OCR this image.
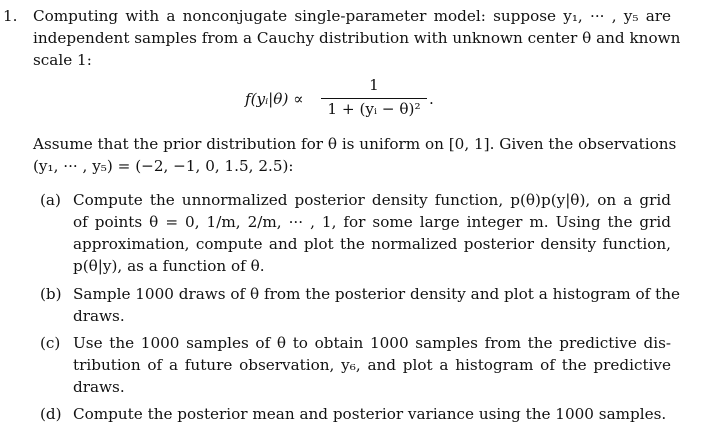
1. Computing with a nonconjugate single-parameter model: suppose y₁, ··· , y₅ are
independent samples from a Cauchy distribution with unknown center θ and known
scale 1:
f(yᵢ|θ) ∝
1
1 + (yᵢ − θ)²
.
Assume that the prior distribution for θ is uniform on [0, 1]. Given the observations
(y₁, ··· , y₅) = (−2, −1, 0, 1.5, 2.5):
(a) Compute the unnormalized posterior density function, p(θ)p(y|θ), on a grid
of points θ = 0, 1/m, 2/m, ··· , 1, for some large integer m. Using the grid
approximation, compute and plot the normalized posterior density function,
p(θ|y), as a function of θ.
(b) Sample 1000 draws of θ from the posterior density and plot a histogram of the
draws.
(c) Use the 1000 samples of θ to obtain 1000 samples from the predictive dis-
tribution of a future observation, y₆, and plot a histogram of the predictive
draws.
(d) Compute the posterior mean and posterior variance using the 1000 samples.
